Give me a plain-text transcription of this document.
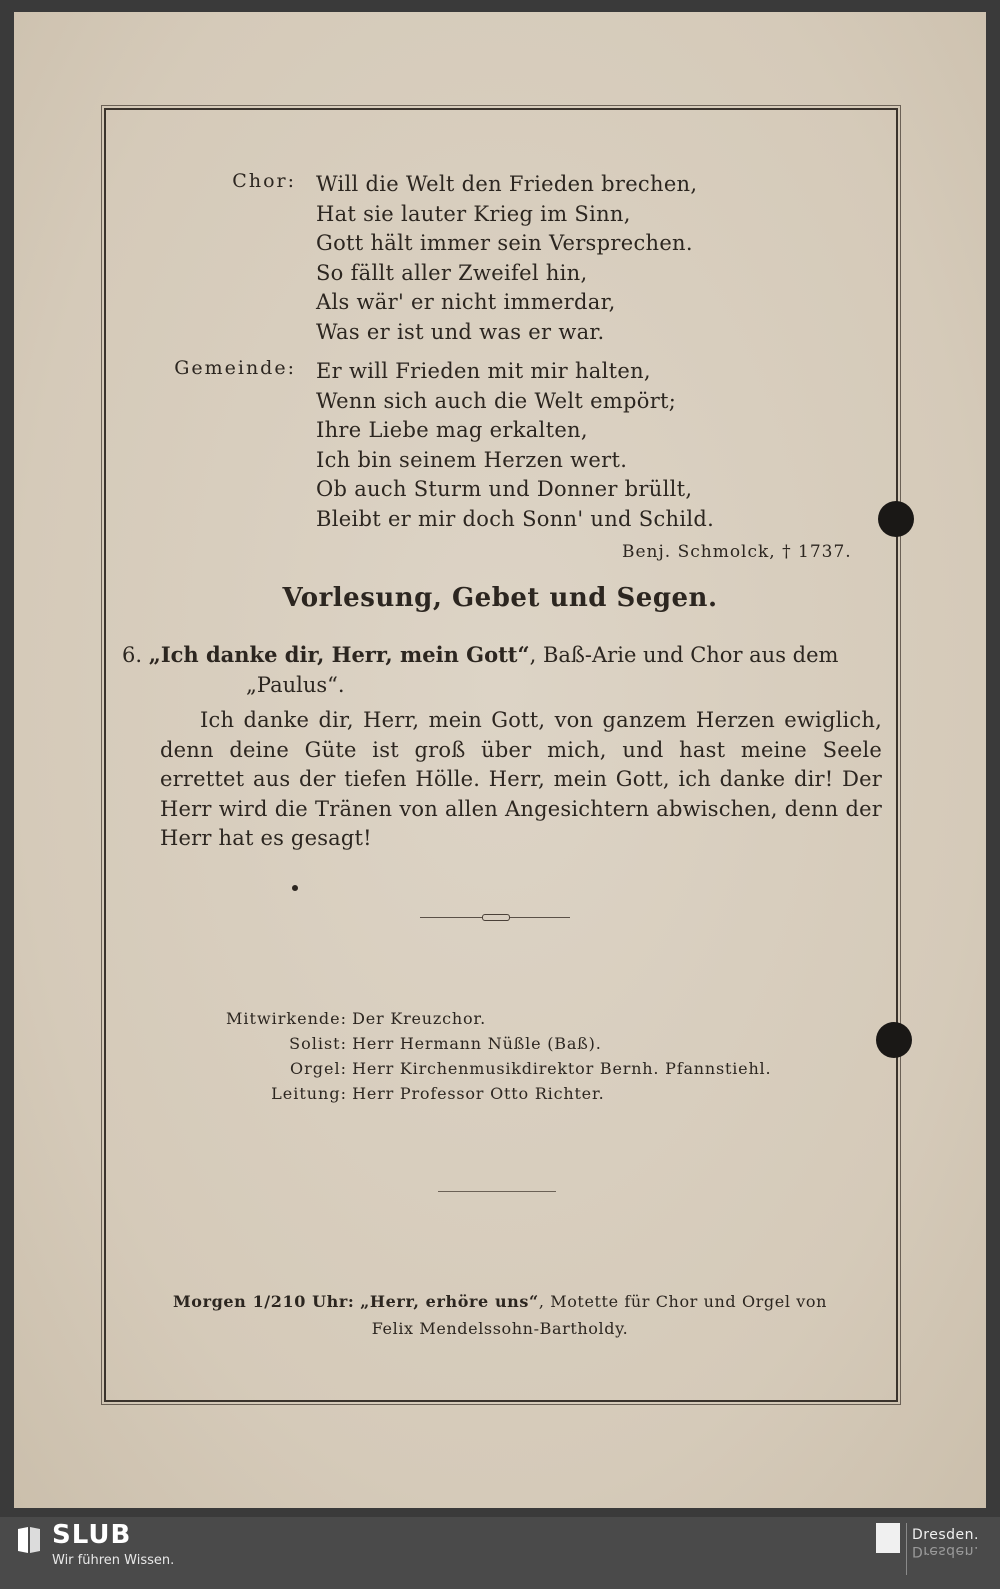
Chor: Will die Welt den Frieden brechen,
Hat sie lauter Krieg im Sinn,
Gott hält immer sein Versprechen.
So fällt aller Zweifel hin,
Als wär' er nicht immerdar,
Was er ist und was er war.
Gemeinde: Er will Frieden mit mir halten,
Wenn sich auch die Welt empört;
Ihre Liebe mag erkalten,
Ich bin seinem Herzen wert.
Ob auch Sturm und Donner brüllt,
Bleibt er mir doch Sonn' und Schild.
Benj. Schmolck, † 1737.
Vorlesung, Gebet und Segen.
6. „Ich danke dir, Herr, mein Gott“, Baß-Arie und Chor aus dem
„Paulus“.
Ich danke dir, Herr, mein Gott, von ganzem Herzen ewiglich, denn deine Güte ist groß über mich, und hast meine Seele errettet aus der tiefen Hölle. Herr, mein Gott, ich danke dir! Der Herr wird die Tränen von allen Angesichtern abwischen, denn der Herr hat es gesagt!
Mitwirkende: Der Kreuzchor.
Solist: Herr Hermann Nüßle (Baß).
Orgel: Herr Kirchenmusikdirektor Bernh. Pfannstiehl.
Leitung: Herr Professor Otto Richter.
Morgen 1/210 Uhr: „Herr, erhöre uns“, Motette für Chor und Orgel von
Felix Mendelssohn-Bartholdy.
SLUB
Wir führen Wissen.
Dresden.
Dresden.
